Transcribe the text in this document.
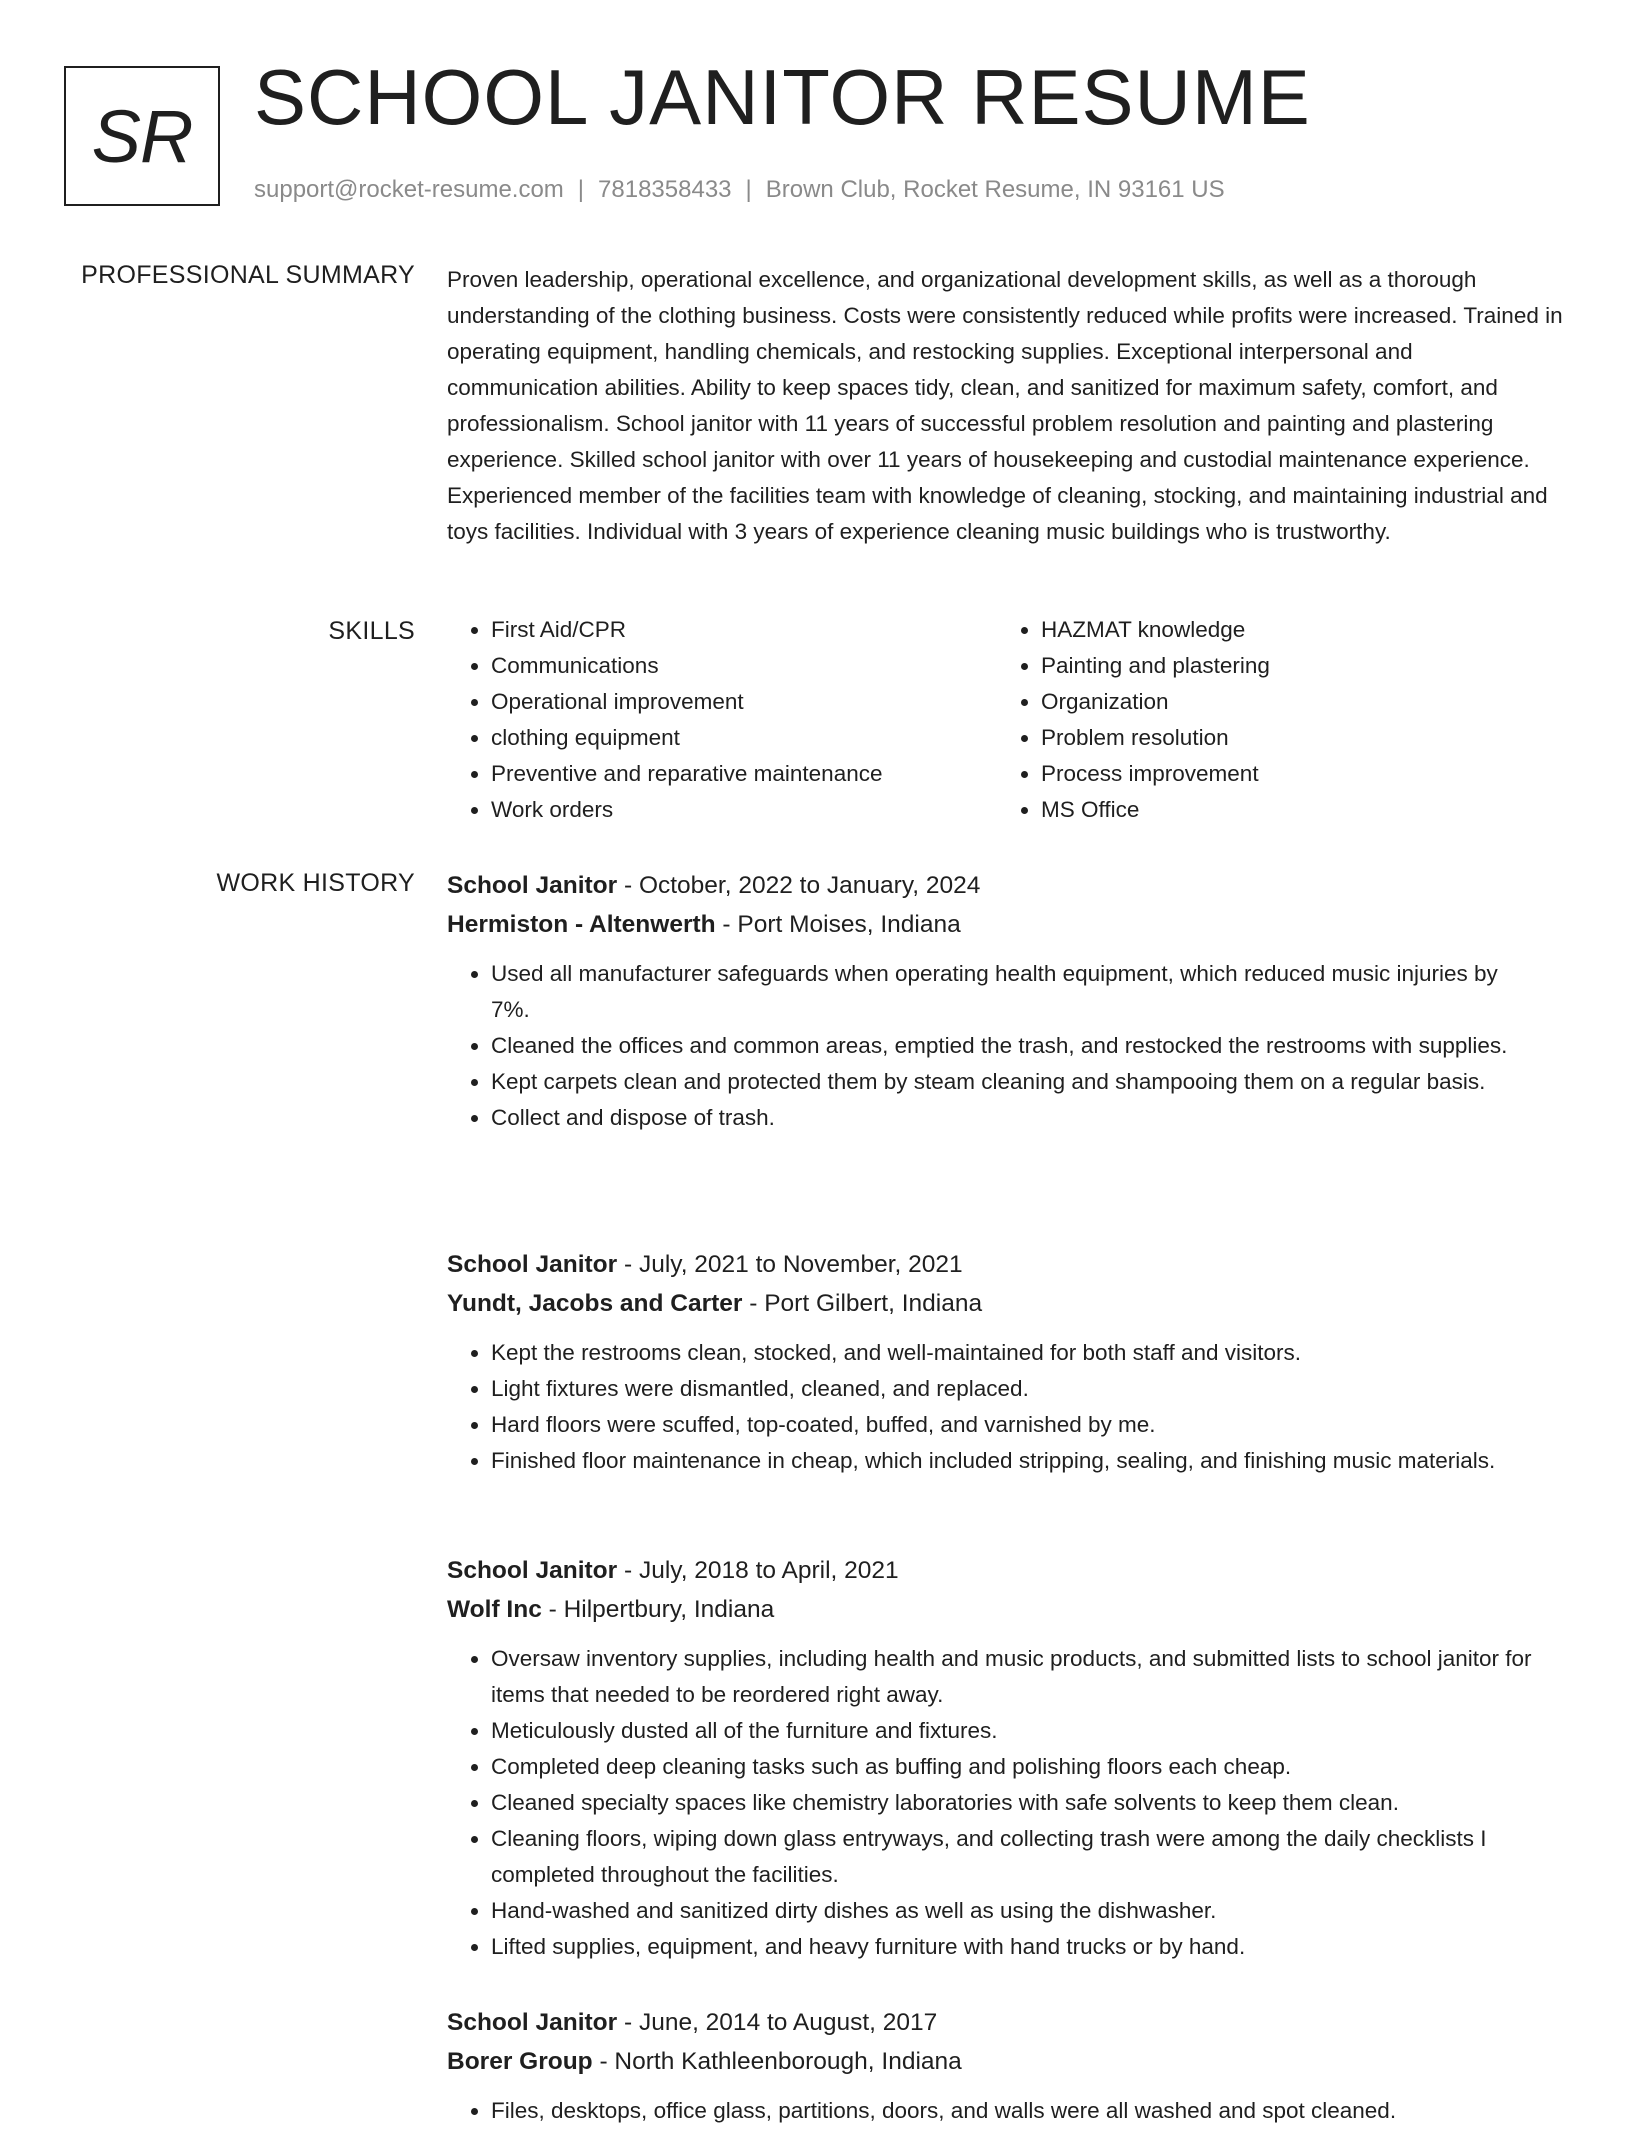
SR SCHOOL JANITOR RESUME
support@rocket-resume.com | 7818358433 | Brown Club, Rocket Resume, IN 93161 US
PROFESSIONAL SUMMARY Proven leadership, operational excellence, and organizational development skills, as well as a thorough understanding of the clothing business. Costs were consistently reduced while profits were increased. Trained in operating equipment, handling chemicals, and restocking supplies. Exceptional interpersonal and communication abilities. Ability to keep spaces tidy, clean, and sanitized for maximum safety, comfort, and professionalism. School janitor with 11 years of successful problem resolution and painting and plastering experience. Skilled school janitor with over 11 years of housekeeping and custodial maintenance experience. Experienced member of the facilities team with knowledge of cleaning, stocking, and maintaining industrial and toys facilities. Individual with 3 years of experience cleaning music buildings who is trustworthy.

SKILLS
•	First Aid/CPR
• Communications
• Operational improvement
• clothing equipment
• Preventive and reparative maintenance
• Work orders
• HAZMAT knowledge
• Painting and plastering
• Organization
• Problem resolution
• Process improvement
• MS Office
WORK HISTORY School Janitor - October, 2022 to January, 2024
Hermiston - Altenwerth - Port Moises, Indiana
• Used all manufacturer safeguards when operating health equipment, which reduced music injuries by 7%.
• Cleaned the offices and common areas, emptied the trash, and restocked the restrooms with supplies.
• Kept carpets clean and protected them by steam cleaning and shampooing them on a regular basis.
• Collect and dispose of trash.
School Janitor - July, 2021 to November, 2021
Yundt, Jacobs and Carter - Port Gilbert, Indiana
• Kept the restrooms clean, stocked, and well-maintained for both staff and visitors.
• Light fixtures were dismantled, cleaned, and replaced.
• Hard floors were scuffed, top-coated, buffed, and varnished by me.
• Finished floor maintenance in cheap, which included stripping, sealing, and finishing music materials.
School Janitor - July, 2018 to April, 2021
Wolf Inc - Hilpertbury, Indiana
• Oversaw inventory supplies, including health and music products, and submitted lists to school janitor for items that needed to be reordered right away.
• Meticulously dusted all of the furniture and fixtures.
• Completed deep cleaning tasks such as buffing and polishing floors each cheap.
• Cleaned specialty spaces like chemistry laboratories with safe solvents to keep them clean.
• Cleaning floors, wiping down glass entryways, and collecting trash were among the daily checklists I completed throughout the facilities.
• Hand-washed and sanitized dirty dishes as well as using the dishwasher.
• Lifted supplies, equipment, and heavy furniture with hand trucks or by hand.
School Janitor - June, 2014 to August, 2017
Borer Group - North Kathleenborough, Indiana
• Files, desktops, office glass, partitions, doors, and walls were all washed and spot cleaned.
